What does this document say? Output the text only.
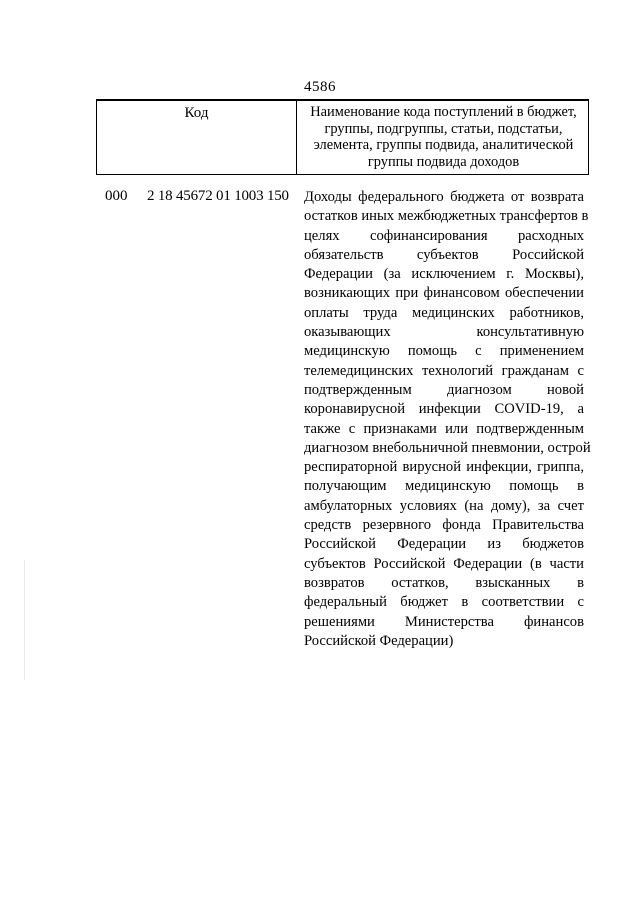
4586
Код	Наименование кода поступлений в бюджет, группы, подгруппы, статьи, подстатьи, элемента, группы подвида, аналитической группы подвида доходов
000 2 18 45672 01 1003 150 Доходы федерального бюджета от возврата
остатков иных межбюджетных трансфертов в
целях софинансирования расходных
обязательств субъектов Российской
Федерации (за исключением г. Москвы),
возникающих при финансовом обеспечении
оплаты труда медицинских работников,
оказывающих консультативную
медицинскую помощь с применением
телемедицинских технологий гражданам с
подтвержденным диагнозом новой
коронавирусной инфекции COVID-19, а
также с признаками или подтвержденным
диагнозом внебольничной пневмонии, острой
респираторной вирусной инфекции, гриппа,
получающим медицинскую помощь в
амбулаторных условиях (на дому), за счет
средств резервного фонда Правительства
Российской Федерации из бюджетов
субъектов Российской Федерации (в части
возвратов остатков, взысканных в
федеральный бюджет в соответствии с
решениями Министерства финансов
Российской Федерации)
